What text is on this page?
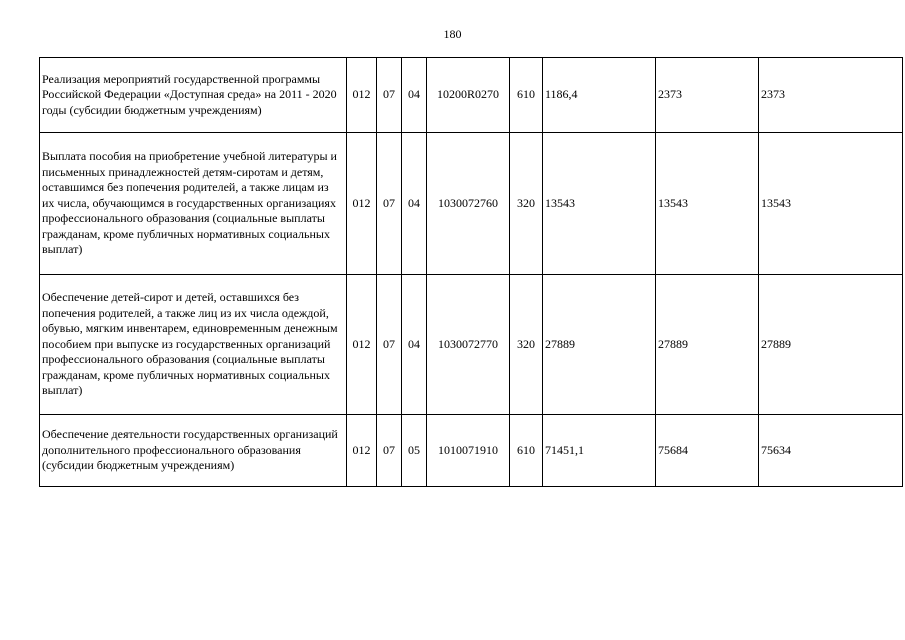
180
Реализация мероприятий государственной программы Российской Федерации «Доступная среда» на 2011 - 2020 годы (субсидии бюджетным учреждениям)	012	07	04	10200R0270	610	1186,4	2373	2373
Выплата пособия на приобретение учебной литературы и письменных принадлежностей детям-сиротам и детям, оставшимся без попечения родителей, а также лицам из их числа, обучающимся в государственных организациях профессионального образования (социальные выплаты гражданам, кроме публичных нормативных социальных выплат)	012	07	04	1030072760	320	13543	13543	13543
Обеспечение детей-сирот и детей, оставшихся без попечения родителей, а также лиц из их числа одеждой, обувью, мягким инвентарем, единовременным денежным пособием при выпуске из государственных организаций профессионального образования (социальные выплаты гражданам, кроме публичных нормативных социальных выплат)	012	07	04	1030072770	320	27889	27889	27889
Обеспечение деятельности государственных организаций дополнительного профессионального образования (субсидии бюджетным учреждениям)	012	07	05	1010071910	610	71451,1	75684	75634
